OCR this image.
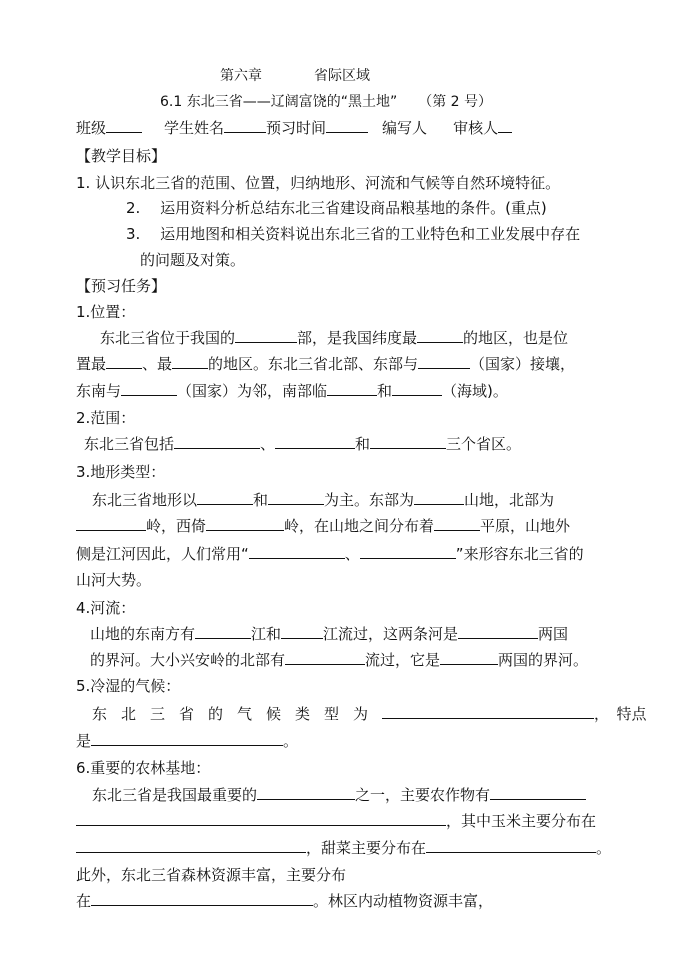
第六章	省际区域
6.1 东北三省——辽阔富饶的“黑土地”　　（第 2 号）
班级	学生姓名	预习时间	编写人 审核人
【教学目标】
1. 认识东北三省的范围、位置，归纳地形、河流和气候等自然环境特征。
2.　 运用资料分析总结东北三省建设商品粮基地的条件。(重点)
3.　 运用地图和相关资料说出东北三省的工业特色和工业发展中存在
的问题及对策。
【预习任务】
1.位置：
东北三省位于我国的	部，是我国纬度最	的地区，也是位
置最 、最 的地区。东北三省北部、东部与	（国家）接壤，
东南与	（国家）为邻，南部临	和	（海域)。
2.范围：
东北三省包括	、	和	三个省区。
3.地形类型：
东北三省地形以	和	为主。东部为	山地，北部为
岭，西倚	岭，在山地之间分布着	平原，山地外
侧是江河因此，人们常用“	、	”来形容东北三省的
山河大势。
4.河流：
山地的东南方有	江和	江流过，这两条河是	两国
的界河。大小兴安岭的北部有	流过，它是	两国的界河。
5.冷湿的气候：
东北三省的气候类型为	，　特点
是	。
6.重要的农林基地：
东北三省是我国最重要的	之一，主要农作物有
，其中玉米主要分布在
，甜菜主要分布在	。
此外，东北三省森林资源丰富，主要分布
在	。林区内动植物资源丰富，
